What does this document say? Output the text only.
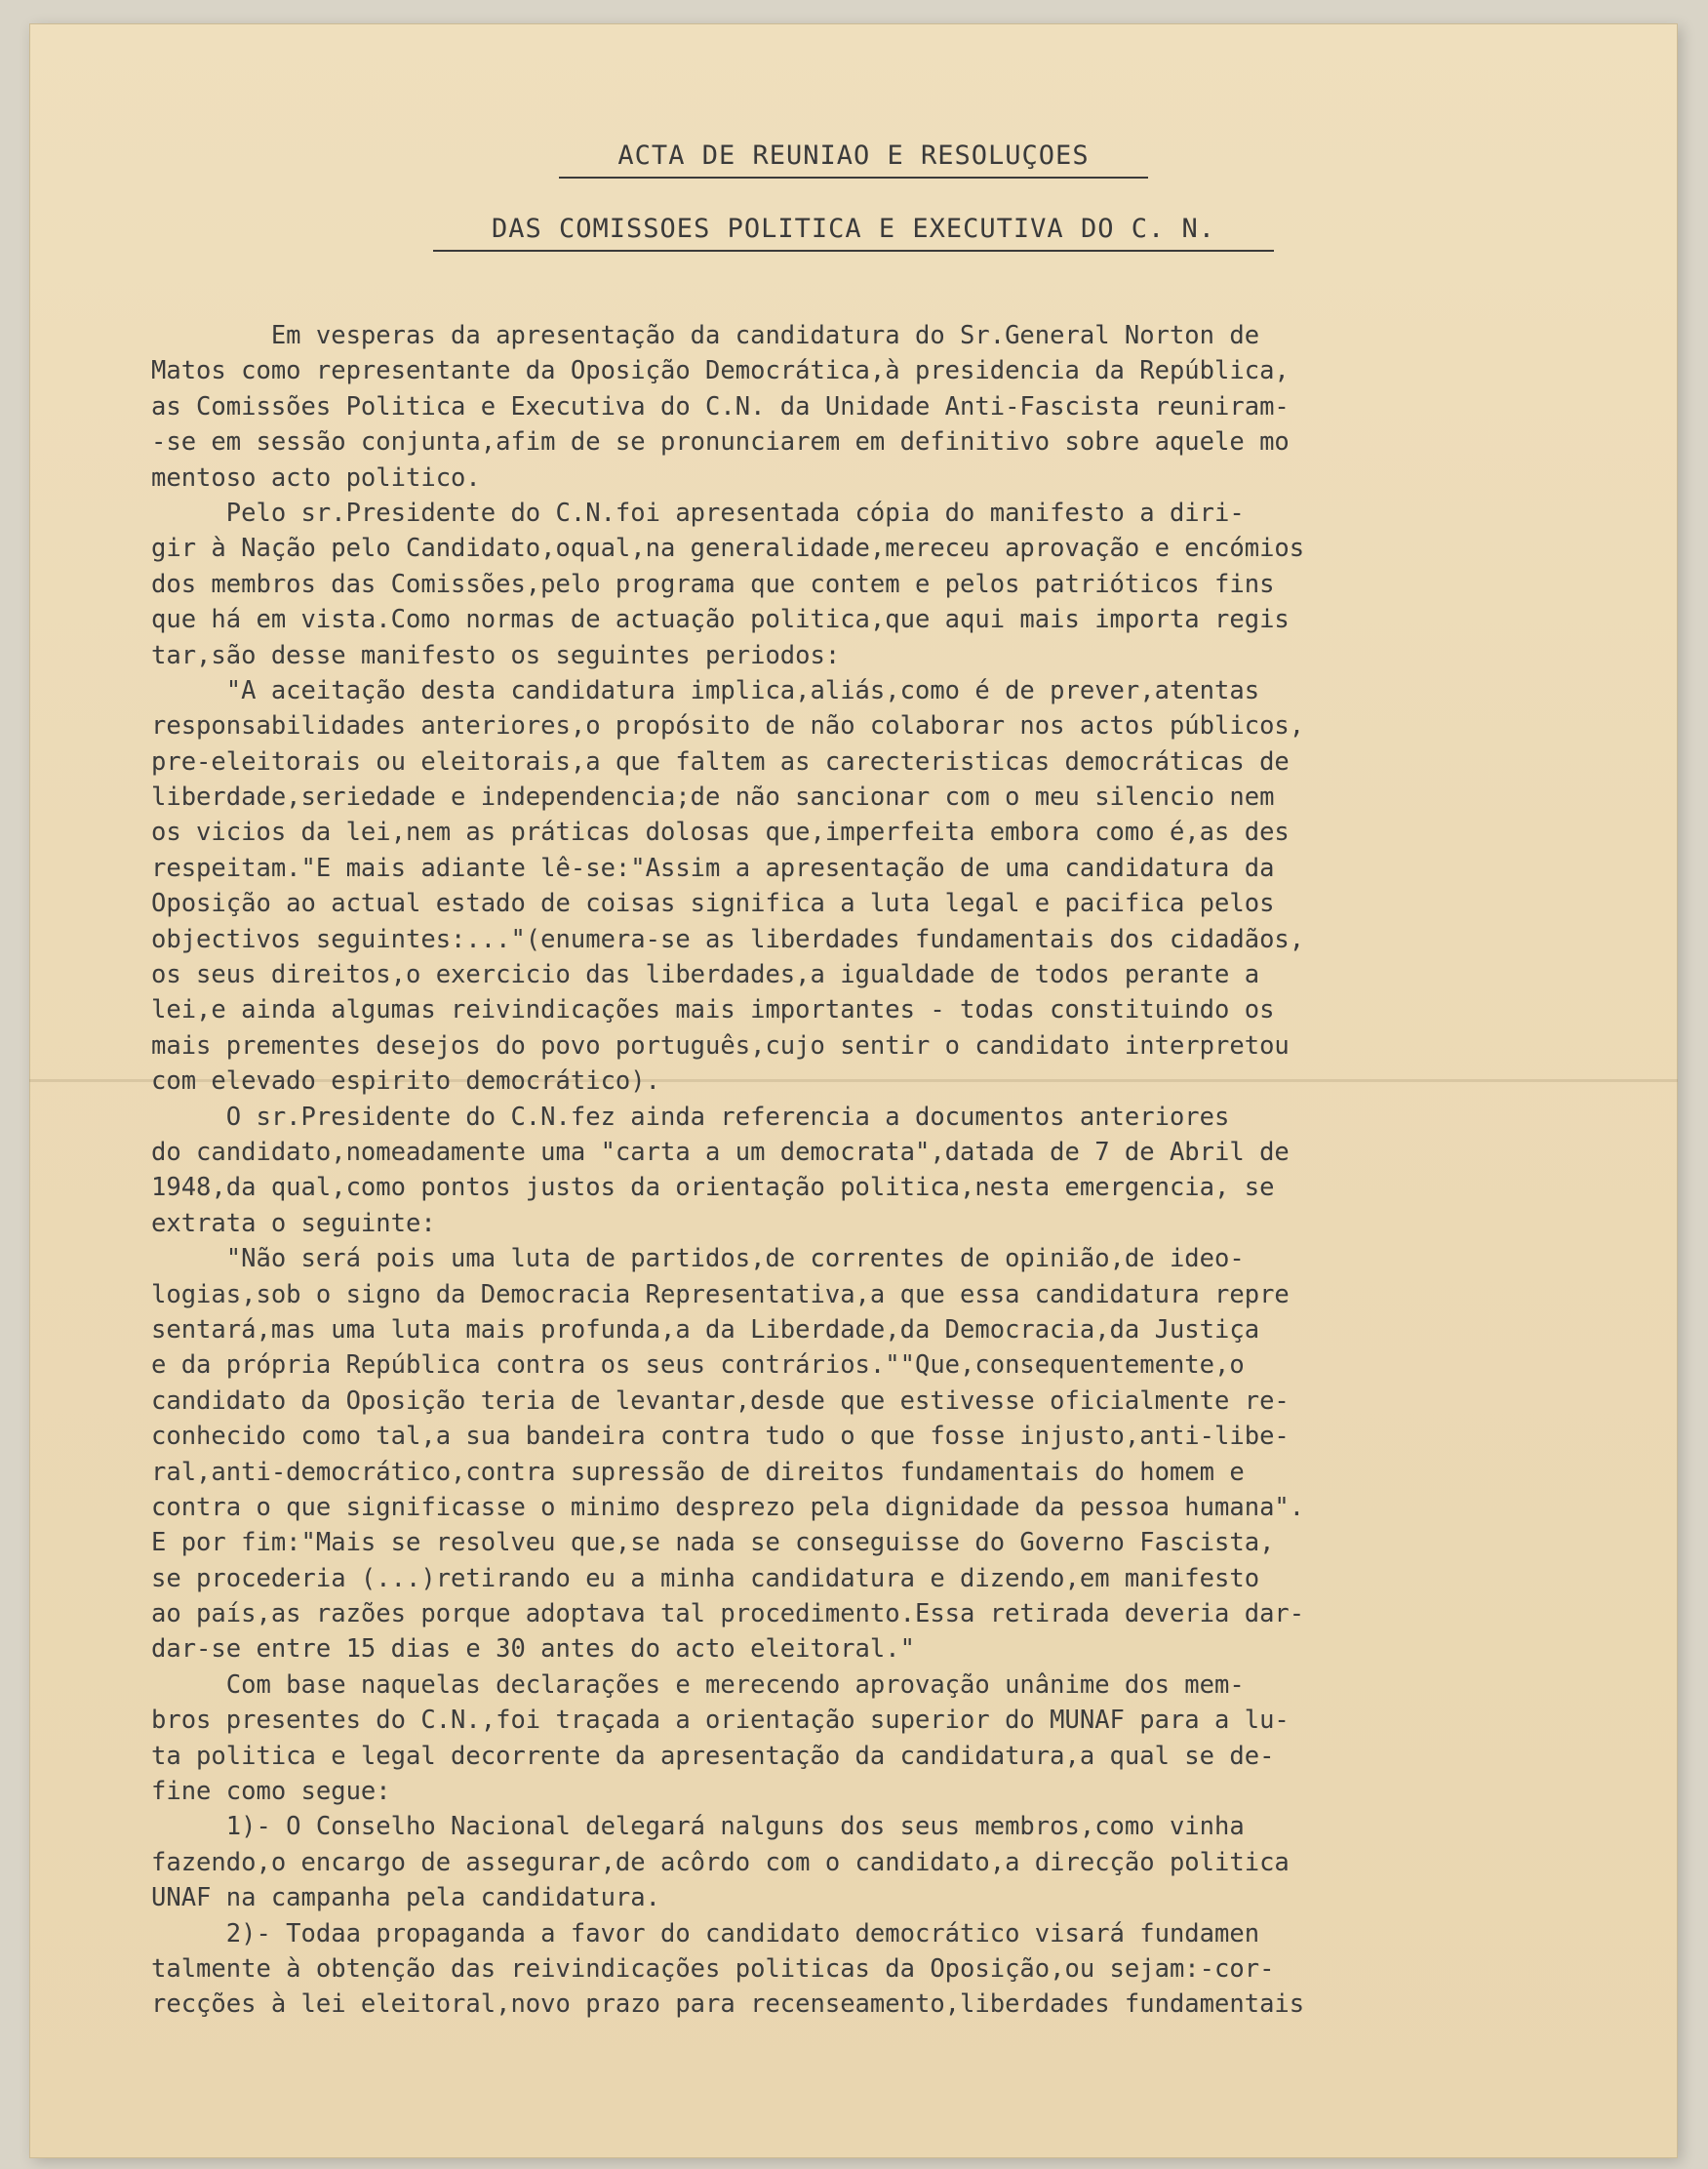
ACTA DE REUNIAO E RESOLUÇOES
DAS COMISSOES POLITICA E EXECUTIVA DO C. N.
Em vesperas da apresentação da candidatura do Sr.General Norton de
Matos como representante da Oposição Democrática,à presidencia da República,
as Comissões Politica e Executiva do C.N. da Unidade Anti-Fascista reuniram-
-se em sessão conjunta,afim de se pronunciarem em definitivo sobre aquele mo
mentoso acto politico.
Pelo sr.Presidente do C.N.foi apresentada cópia do manifesto a diri-
gir à Nação pelo Candidato,oqual,na generalidade,mereceu aprovação e encómios
dos membros das Comissões,pelo programa que contem e pelos patrióticos fins
que há em vista.Como normas de actuação politica,que aqui mais importa regis
tar,são desse manifesto os seguintes periodos:
"A aceitação desta candidatura implica,aliás,como é de prever,atentas
responsabilidades anteriores,o propósito de não colaborar nos actos públicos,
pre-eleitorais ou eleitorais,a que faltem as carecteristicas democráticas de
liberdade,seriedade e independencia;de não sancionar com o meu silencio nem
os vicios da lei,nem as práticas dolosas que,imperfeita embora como é,as des
respeitam."E mais adiante lê-se:"Assim a apresentação de uma candidatura da
Oposição ao actual estado de coisas significa a luta legal e pacifica pelos
objectivos seguintes:..."(enumera-se as liberdades fundamentais dos cidadãos,
os seus direitos,o exercicio das liberdades,a igualdade de todos perante a
lei,e ainda algumas reivindicações mais importantes - todas constituindo os
mais prementes desejos do povo português,cujo sentir o candidato interpretou
com elevado espirito democrático).
O sr.Presidente do C.N.fez ainda referencia a documentos anteriores
do candidato,nomeadamente uma "carta a um democrata",datada de 7 de Abril de
1948,da qual,como pontos justos da orientação politica,nesta emergencia, se
extrata o seguinte:
"Não será pois uma luta de partidos,de correntes de opinião,de ideo-
logias,sob o signo da Democracia Representativa,a que essa candidatura repre
sentará,mas uma luta mais profunda,a da Liberdade,da Democracia,da Justiça
e da própria República contra os seus contrários.""Que,consequentemente,o
candidato da Oposição teria de levantar,desde que estivesse oficialmente re-
conhecido como tal,a sua bandeira contra tudo o que fosse injusto,anti-libe-
ral,anti-democrático,contra supressão de direitos fundamentais do homem e
contra o que significasse o minimo desprezo pela dignidade da pessoa humana".
E por fim:"Mais se resolveu que,se nada se conseguisse do Governo Fascista,
se procederia (...)retirando eu a minha candidatura e dizendo,em manifesto
ao país,as razões porque adoptava tal procedimento.Essa retirada deveria dar-
dar-se entre 15 dias e 30 antes do acto eleitoral."
Com base naquelas declarações e merecendo aprovação unânime dos mem-
bros presentes do C.N.,foi traçada a orientação superior do MUNAF para a lu-
ta politica e legal decorrente da apresentação da candidatura,a qual se de-
fine como segue:
1)- O Conselho Nacional delegará nalguns dos seus membros,como vinha
fazendo,o encargo de assegurar,de acôrdo com o candidato,a direcção politica
UNAF na campanha pela candidatura.
2)- Todaa propaganda a favor do candidato democrático visará fundamen
talmente à obtenção das reivindicações politicas da Oposição,ou sejam:-cor-
recções à lei eleitoral,novo prazo para recenseamento,liberdades fundamentais
